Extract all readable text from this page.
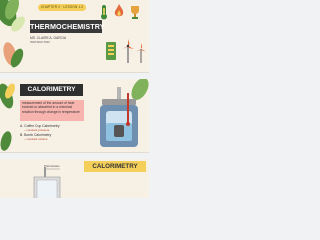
CHAPTER 2 · LESSON 1.2
THERMOCHEMISTRY
MS. CLAIRE A. GARCIA
INSTRUCTOR
CALORIMETRY
measurement of the amount of heat evolved or absorbed in a chemical reaction through change in temperature
A. Coffee Cup Calorimetry
– constant pressure
B. Bomb Calorimetry
– constant volume
Thermometer	CALORIMETRY
